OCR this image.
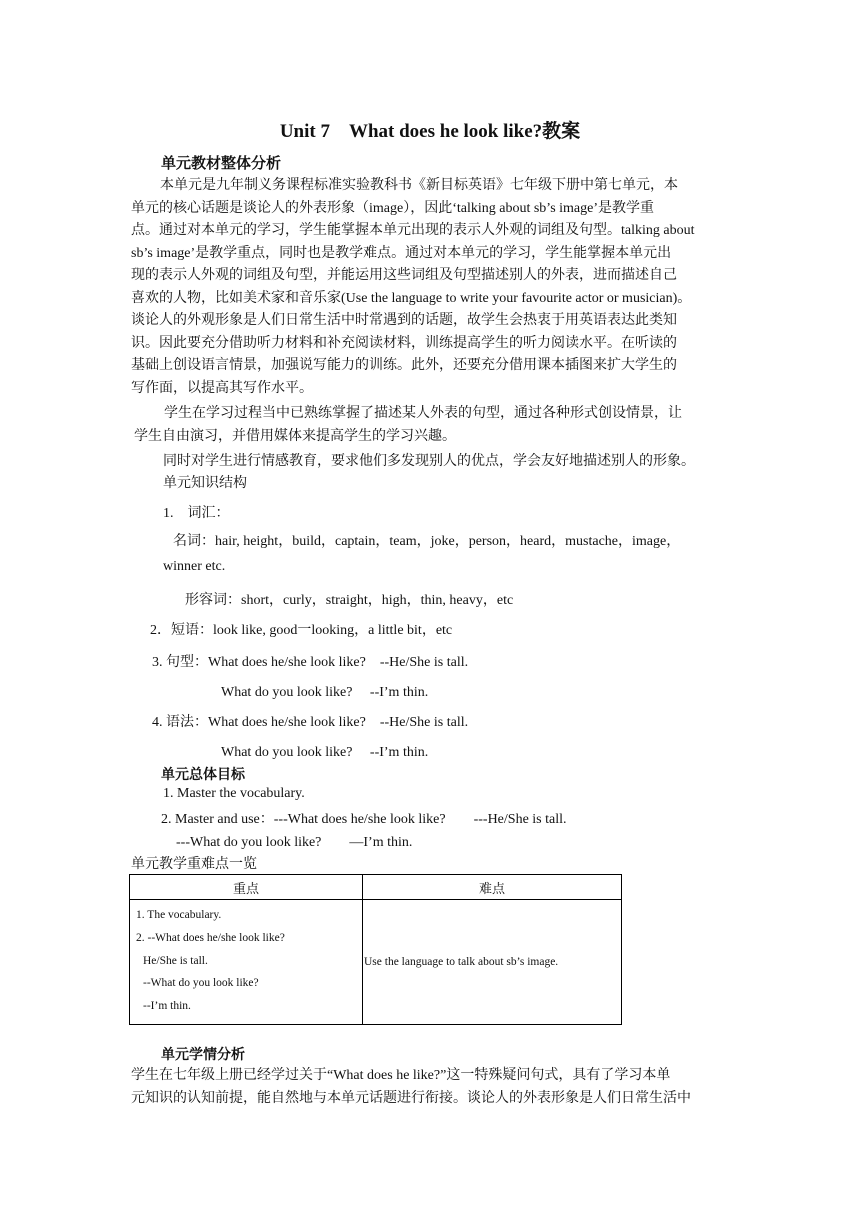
Unit 7　What does he look like?教案
单元教材整体分析
本单元是九年制义务课程标准实验教科书《新目标英语》七年级下册中第七单元，本
单元的核心话题是谈论人的外表形象（image），因此‘talking about sb’s image’是教学重
点。通过对本单元的学习，学生能掌握本单元出现的表示人外观的词组及句型。talking about
sb’s image’是教学重点，同时也是教学难点。通过对本单元的学习，学生能掌握本单元出
现的表示人外观的词组及句型，并能运用这些词组及句型描述别人的外表，进而描述自己
喜欢的人物，比如美术家和音乐家(Use the language to write your favourite actor or musician)。
谈论人的外观形象是人们日常生活中时常遇到的话题，故学生会热衷于用英语表达此类知
识。因此要充分借助听力材料和补充阅读材料，训练提高学生的听力阅读水平。在听读的
基础上创设语言情景，加强说写能力的训练。此外，还要充分借用课本插图来扩大学生的
写作面，以提高其写作水平。
学生在学习过程当中已熟练掌握了描述某人外表的句型，通过各种形式创设情景，让
学生自由演习，并借用媒体来提高学生的学习兴趣。
同时对学生进行情感教育，要求他们多发现别人的优点，学会友好地描述别人的形象。
单元知识结构
1.　词汇：
名词：hair, height，build，captain，team，joke，person，heard，mustache，image，
winner etc.
形容词：short，curly，straight，high，thin, heavy，etc
2．短语：look like, good一looking，a little bit，etc
3. 句型：What does he/she look like?　--He/She is tall.
What do you look like?　 --I’m thin.
4. 语法：What does he/she look like?　--He/She is tall.
What do you look like?　 --I’m thin.
单元总体目标
1. Master the vocabulary.
2. Master and use：---What does he/she look like?　　---He/She is tall.
---What do you look like?　　—I’m thin.
单元教学重难点一览
重点	难点

1. The vocabulary.
2. --What does he/she look like?
He/She is tall.
--What do you look like?
--I’m thin.	Use the language to talk about sb’s image.
单元学情分析
学生在七年级上册已经学过关于“What does he like?”这一特殊疑问句式，具有了学习本单
元知识的认知前提，能自然地与本单元话题进行衔接。谈论人的外表形象是人们日常生活中
